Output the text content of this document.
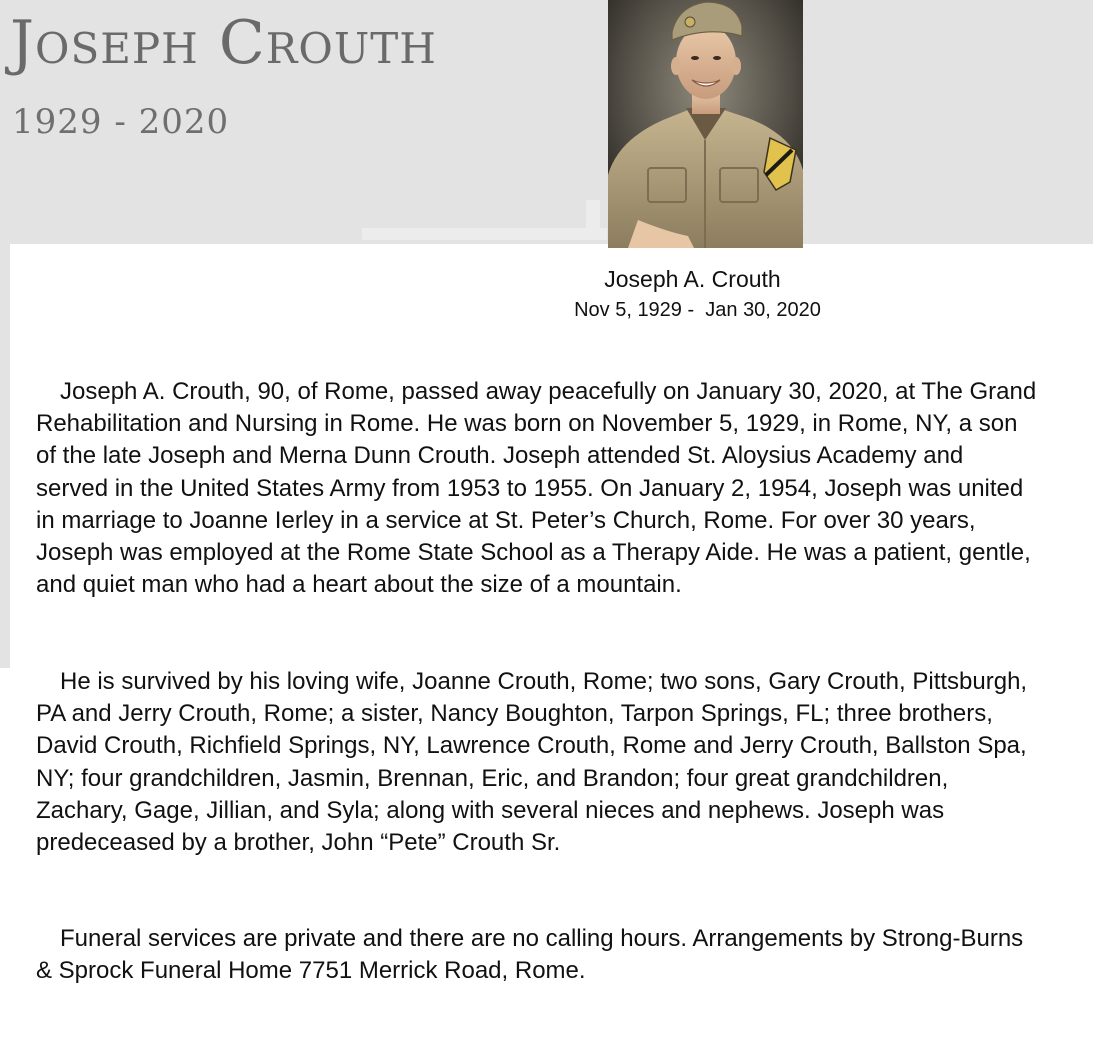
Joseph Crouth
1929 - 2020
Joseph A. Crouth
Nov 5, 1929 -  Jan 30, 2020

Joseph A. Crouth, 90, of Rome, passed away peacefully on January 30, 2020, at The Grand Rehabilitation and Nursing in Rome. He was born on November 5, 1929, in Rome, NY, a son of the late Joseph and Merna Dunn Crouth. Joseph attended St. Aloysius Academy and served in the United States Army from 1953 to 1955. On January 2, 1954, Joseph was united in marriage to Joanne Ierley in a service at St. Peter’s Church, Rome. For over 30 years, Joseph was employed at the Rome State School as a Therapy Aide. He was a patient, gentle, and quiet man who had a heart about the size of a mountain.

He is survived by his loving wife, Joanne Crouth, Rome; two sons, Gary Crouth, Pittsburgh, PA and Jerry Crouth, Rome; a sister, Nancy Boughton, Tarpon Springs, FL; three brothers, David Crouth, Richfield Springs, NY, Lawrence Crouth, Rome and Jerry Crouth, Ballston Spa, NY; four grandchildren, Jasmin, Brennan, Eric, and Brandon; four great grandchildren, Zachary, Gage, Jillian, and Syla; along with several nieces and nephews. Joseph was predeceased by a brother, John “Pete” Crouth Sr.

Funeral services are private and there are no calling hours. Arrangements by Strong-Burns & Sprock Funeral Home 7751 Merrick Road, Rome.
